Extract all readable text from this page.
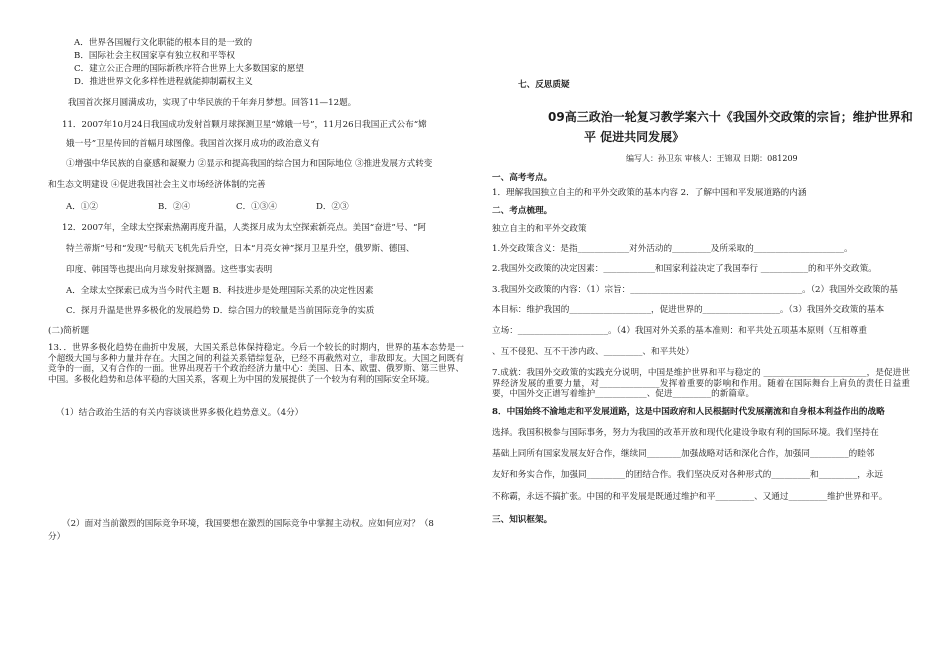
A．世界各国履行文化职能的根本目的是一致的
B．国际社会主权国家享有独立权和平等权
C．建立公正合理的国际新秩序符合世界上大多数国家的愿望
D．推进世界文化多样性进程就能抑制霸权主义
我国首次探月圆满成功，实现了中华民族的千年奔月梦想。回答11—12题。
11．2007年10月24日我国成功发射首颗月球探测卫星“嫦娥一号”，11月26日我国正式公布“嫦
娥一号”卫星传回的首幅月球图像。我国首次探月成功的政治意义有
①增强中华民族的自豪感和凝聚力 ②显示和提高我国的综合国力和国际地位 ③推进发展方式转变
和生态文明建设 ④促进我国社会主义市场经济体制的完善
A．①②	B．②④	C．①③④	D．②③
12．2007年，全球太空探索热潮再度升温，人类探月成为太空探索新亮点。美国“奋进”号、“阿
特兰蒂斯”号和“发现”号航天飞机先后升空，日本“月亮女神”探月卫星升空，俄罗斯、德国、
印度、韩国等也提出向月球发射探测器。这些事实表明
A．全球太空探索已成为当今时代主题 B．科技进步是处理国际关系的决定性因素
C．探月升温是世界多极化的发展趋势 D．综合国力的较量是当前国际竞争的实质
(二)简析题
13．．世界多极化趋势在曲折中发展，大国关系总体保持稳定。今后一个较长的时期内，世界的基本态势是一个超级大国与多种力量并存在。大国之间的利益关系错综复杂，已经不再截然对立，非敌即友。大国之间既有竞争的一面，又有合作的一面。世界出现若干个政治经济力量中心：美国、日本、欧盟、俄罗斯、第三世界、中国。多极化趋势和总体平稳的大国关系，客观上为中国的发展提供了一个较为有利的国际安全环境。
（1）结合政治生活的有关内容谈谈世界多极化趋势意义。（4分）
（2）面对当前激烈的国际竞争环境，我国要想在激烈的国际竞争中掌握主动权。应如何应对？（8
分）
七、反思质疑
09高三政治一轮复习教学案六十《我国外交政策的宗旨；维护世界和
平 促进共同发展》
编写人：孙卫东 审核人：王锦双 日期：081209
一、高考考点。
1．理解我国独立自主的和平外交政策的基本内容 2．了解中国和平发展道路的内涵
二、考点梳理。
独立自主的和平外交政策
1.外交政策含义：是指____________对外活动的_________及所采取的_____________________。
2.我国外交政策的决定因素：____________和国家利益决定了我国奉行 ___________的和平外交政策。
3.我国外交政策的内容：（1）宗旨：________________________________________。（2）我国外交政策的基
本目标：维护我国的___________________，促进世界的__________________。（3）我国外交政策的基本
立场：_____________________。（4）我国对外关系的基本准则：和平共处五项基本原则（互相尊重
、互不侵犯、互不干涉内政、_________、和平共处）
7.成就：我国外交政策的实践充分说明，中国是维护世界和平与稳定的 ________________________，是促进世界经济发展的重要力量，对______________发挥着重要的影响和作用。随着在国际舞台上肩负的责任日益重要，中国外交正谱写着维护____________、促进_________的新篇章。
8．中国始终不渝地走和平发展道路，这是中国政府和人民根据时代发展潮流和自身根本利益作出的战略
选择。我国积极参与国际事务，努力为我国的改革开放和现代化建设争取有利的国际环境。我们坚持在
基础上同所有国家发展友好合作，继续同________加强战略对话和深化合作，加强同_________的睦邻
友好和务实合作，加强同_________的团结合作。我们坚决反对各种形式的_________和_________，永远
不称霸，永远不搞扩张。中国的和平发展是既通过维护和平_________、又通过_________维护世界和平。
三、知识框架。
